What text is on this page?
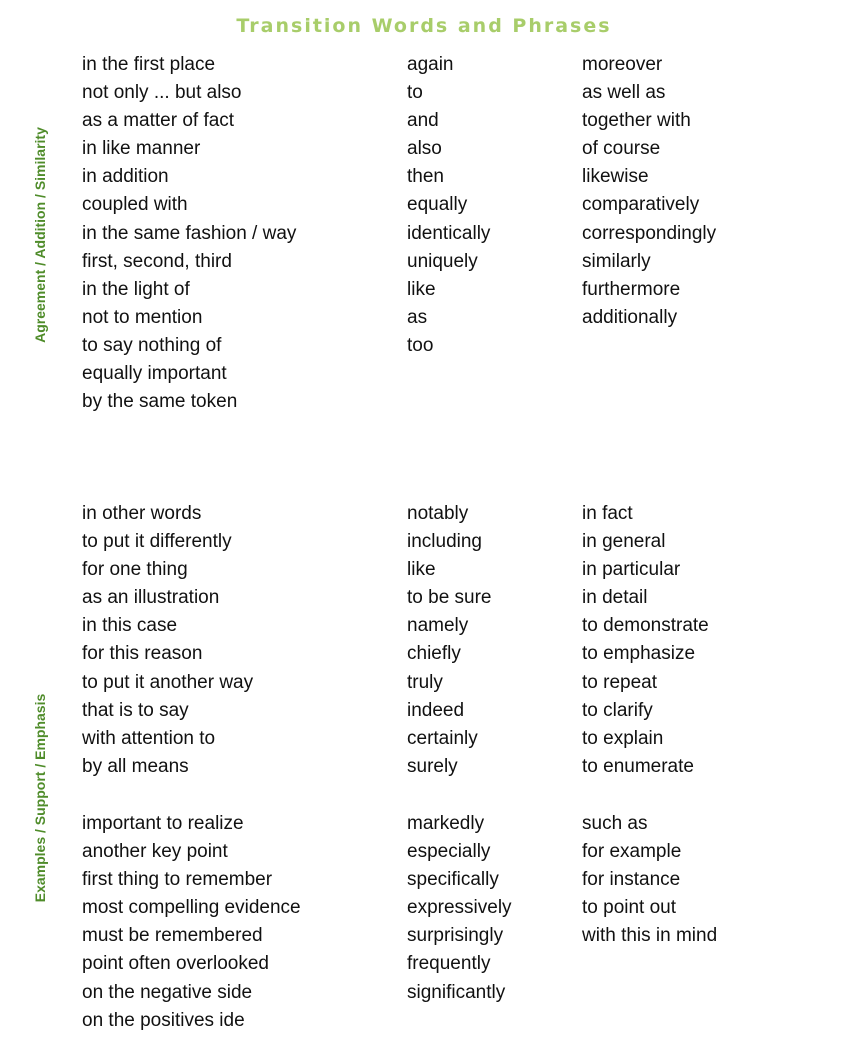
Transition Words and Phrases
Agreement / Addition / Similarity
Examples / Support / Emphasis
in the first place
not only ... but also
as a matter of fact
in like manner
in addition
coupled with
in the same fashion / way
first, second, third
in the light of
not to mention
to say nothing of
equally important
by the same token
again
to
and
also
then
equally
identically
uniquely
like
as
too
moreover
as well as
together with
of course
likewise
comparatively
correspondingly
similarly
furthermore
additionally
in other words
to put it differently
for one thing
as an illustration
in this case
for this reason
to put it another way
that is to say
with attention to
by all means
notably
including
like
to be sure
namely
chiefly
truly
indeed
certainly
surely
in fact
in general
in particular
in detail
to demonstrate
to emphasize
to repeat
to clarify
to explain
to enumerate
important to realize
another key point
first thing to remember
most compelling evidence
must be remembered
point often overlooked
on the negative side
on the positives ide
markedly
especially
specifically
expressively
surprisingly
frequently
significantly
such as
for example
for instance
to point out
with this in mind
